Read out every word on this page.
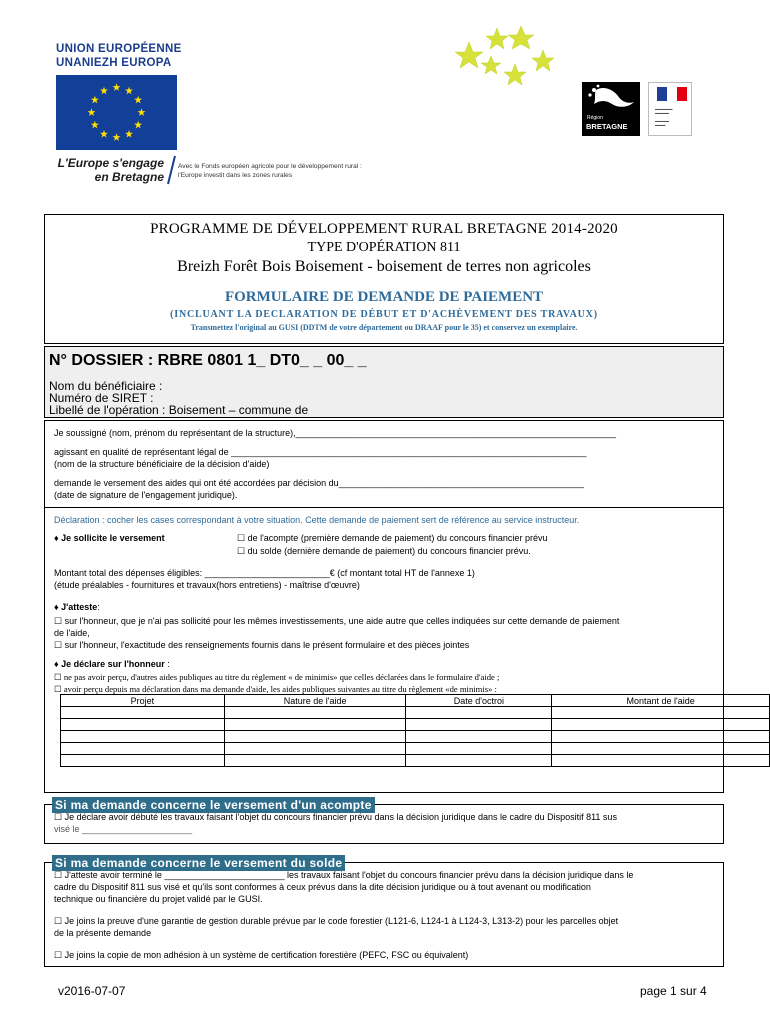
UNION EUROPÉENNE
UNANIEZH EUROPA
L'Europe s'engage
en Bretagne
Avec le Fonds européen agricole pour le développement rural :
l'Europe investit dans les zones rurales
Région
BRETAGNE
▬▬▬▬▬
▬▬▬▬

▬▬▬▬
▬▬▬
PROGRAMME DE DÉVELOPPEMENT RURAL BRETAGNE 2014-2020
TYPE D'OPÉRATION 811
Breizh Forêt Bois Boisement - boisement de terres non agricoles
FORMULAIRE DE DEMANDE DE PAIEMENT
(INCLUANT LA DECLARATION DE DÉBUT ET D'ACHÈVEMENT DES TRAVAUX)
Transmettez l'original au GUSI (DDTM de votre département ou DRAAF pour le 35) et conservez un exemplaire.
N° DOSSIER : RBRE 0801 1_ DT0_ _ 00_ _
Nom du bénéficiaire :
Numéro de SIRET :
Libellé de l'opération : Boisement – commune de
Je soussigné (nom, prénom du représentant de la structure),________________________________________________________________
agissant en qualité de représentant légal de _______________________________________________________________________
(nom de la structure bénéficiaire de la décision d'aide)
demande le versement des aides qui ont été accordées par décision du_________________________________________________
(date de signature de l'engagement juridique).
Déclaration : cocher les cases correspondant à votre situation. Cette demande de paiement sert de référence au service instructeur.
♦ Je sollicite le versement	☐ de l'acompte (première demande de paiement) du concours financier prévu
☐ du solde (dernière demande de paiement) du concours financier prévu.
Montant total des dépenses éligibles: _________________________€ (cf montant total HT de l'annexe 1)
(étude préalables - fournitures et travaux(hors entretiens) - maîtrise d'œuvre)
♦ J'atteste:
☐ sur l'honneur, que je n'ai pas sollicité pour les mêmes investissements, une aide autre que celles indiquées sur cette demande de paiement
de l'aide,
☐ sur l'honneur, l'exactitude des renseignements fournis dans le présent formulaire et des pièces jointes
♦ Je déclare sur l'honneur :
☐ ne pas avoir perçu, d'autres aides publiques au titre du règlement « de minimis» que celles déclarées dans le formulaire d'aide ;
☐ avoir perçu depuis ma déclaration dans ma demande d'aide, les aides publiques suivantes au titre du règlement «de minimis» :
Projet	Nature de l'aide	Date d'octroi	Montant de l'aide

Si ma demande concerne le versement d'un acompte
☐ Je déclare avoir débuté les travaux faisant l'objet du concours financier prévu dans la décision juridique dans le cadre du Dispositif 811 sus
visé le ______________________
Si ma demande concerne le versement du solde
☐ J'atteste avoir terminé le ________________________ les travaux faisant l'objet du concours financier prévu dans la décision juridique dans le
cadre du Dispositif 811 sus visé et qu'ils sont conformes à ceux prévus dans la dite décision juridique ou à tout avenant ou modification
technique ou financière du projet validé par le GUSI.
☐ Je joins la preuve d'une garantie de gestion durable prévue par le code forestier (L121-6, L124-1 à L124-3, L313-2) pour les parcelles objet
de la présente demande
☐ Je joins la copie de mon adhésion à un système de certification forestière (PEFC, FSC ou équivalent)
v2016-07-07	page 1 sur 4
